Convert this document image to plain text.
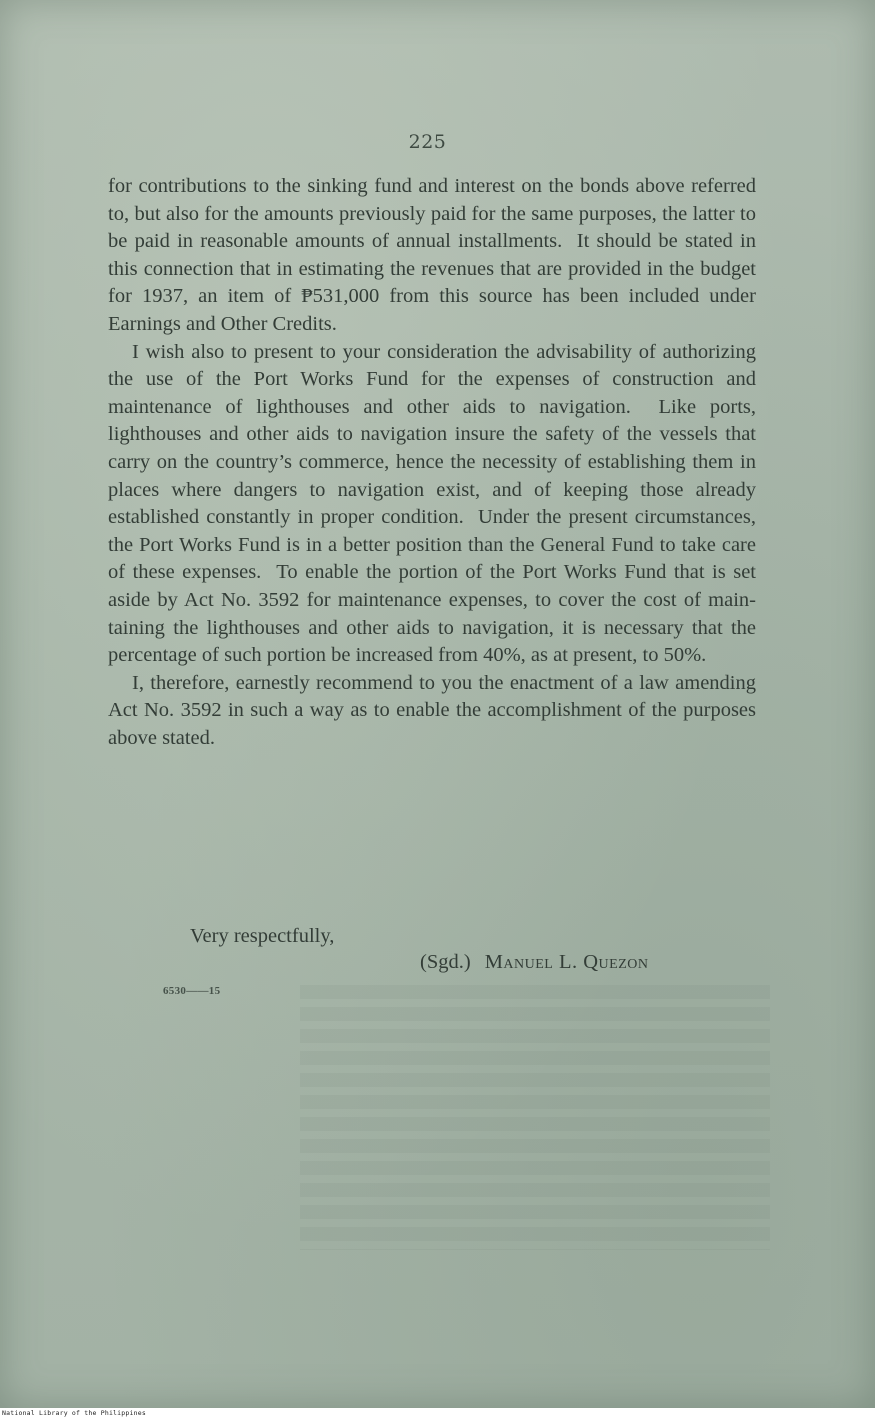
225

for contributions to the sinking fund and interest on the bonds above referred to, but also for the amounts previously paid for the same purposes, the latter to be paid in reasonable amounts of annual installments.  It should be stated in this connection that in estimating the revenues that are provided in the budget for 1937, an item of ₱531,000 from this source has been included under Earnings and Other Credits.

I wish also to present to your consideration the advisability of authorizing the use of the Port Works Fund for the expenses of construction and maintenance of lighthouses and other aids to navigation.  Like ports, lighthouses and other aids to navigation insure the safety of the vessels that carry on the country’s commerce, hence the necessity of establishing them in places where dangers to navigation exist, and of keeping those already established constantly in proper condition.  Under the present circumstances, the Port Works Fund is in a better position than the General Fund to take care of these expenses.  To enable the portion of the Port Works Fund that is set aside by Act No. 3592 for maintenance expenses, to cover the cost of maintaining the lighthouses and other aids to navigation, it is necessary that the percentage of such portion be increased from 40%, as at present, to 50%.

I, therefore, earnestly recommend to you the enactment of a law amending Act No. 3592 in such a way as to enable the accomplishment of the purposes above stated.

Very respectfully,
(Sgd.) Manuel L. Quezon
6530——15
National Library of the Philippines
